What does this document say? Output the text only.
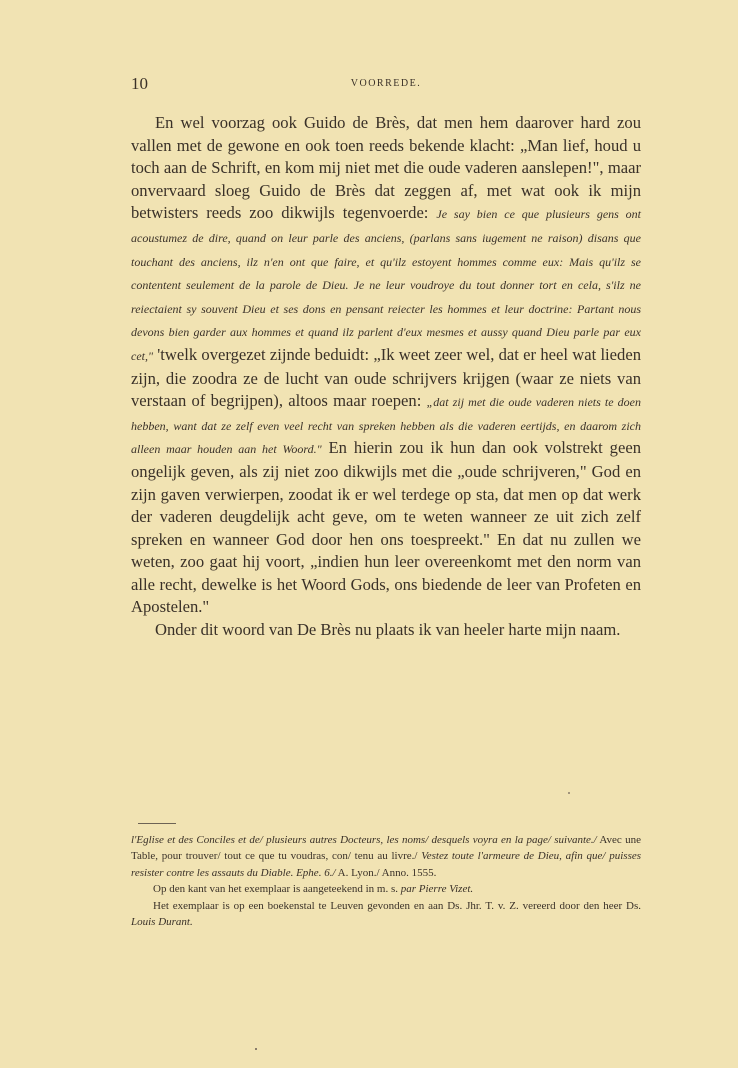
10	VOORREDE.

En wel voorzag ook Guido de Brès, dat men hem daarover hard zou vallen met de gewone en ook toen reeds bekende klacht: „Man lief, houd u toch aan de Schrift, en kom mij niet met die oude vaderen aanslepen!", maar onvervaard sloeg Guido de Brès dat zeggen af, met wat ook ik mijn betwisters reeds zoo dikwijls tegenvoerde: Je say bien ce que plusieurs gens ont acoustumez de dire, quand on leur parle des anciens, (parlans sans iugement ne raison) disans que touchant des anciens, ilz n'en ont que faire, et qu'ilz estoyent hommes comme eux: Mais qu'ilz se contentent seulement de la parole de Dieu. Je ne leur voudroye du tout donner tort en cela, s'ilz ne reiectaient sy souvent Dieu et ses dons en pensant reiecter les hommes et leur doctrine: Partant nous devons bien garder aux hommes et quand ilz parlent d'eux mesmes et aussy quand Dieu parle par eux cet," 'twelk overgezet zijnde beduidt: „Ik weet zeer wel, dat er heel wat lieden zijn, die zoodra ze de lucht van oude schrijvers krijgen (waar ze niets van verstaan of begrijpen), altoos maar roepen: „dat zij met die oude vaderen niets te doen hebben, want dat ze zelf even veel recht van spreken hebben als die vaderen eertijds, en daarom zich alleen maar houden aan het Woord." En hierin zou ik hun dan ook volstrekt geen ongelijk geven, als zij niet zoo dikwijls met die „oude schrijveren," God en zijn gaven verwierpen, zoodat ik er wel terdege op sta, dat men op dat werk der vaderen deugdelijk acht geve, om te weten wanneer ze uit zich zelf spreken en wanneer God door hen ons toespreekt." En dat nu zullen we weten, zoo gaat hij voort, „indien hun leer overeenkomt met den norm van alle recht, dewelke is het Woord Gods, ons biedende de leer van Profeten en Apostelen."

Onder dit woord van De Brès nu plaats ik van heeler harte mijn naam.

l'Eglise et des Conciles et de/ plusieurs autres Docteurs, les noms/ desquels voyra en la page/ suivante./ Avec une Table, pour trouver/ tout ce que tu voudras, con/ tenu au livre./ Vestez toute l'armeure de Dieu, afin que/ puisses resister contre les assauts du Diable. Ephe. 6./ A. Lyon./ Anno. 1555.

Op den kant van het exemplaar is aangeteekend in m. s. par Pierre Vizet.

Het exemplaar is op een boekenstal te Leuven gevonden en aan Ds. Jhr. T. v. Z. vereerd door den heer Ds. Louis Durant.
